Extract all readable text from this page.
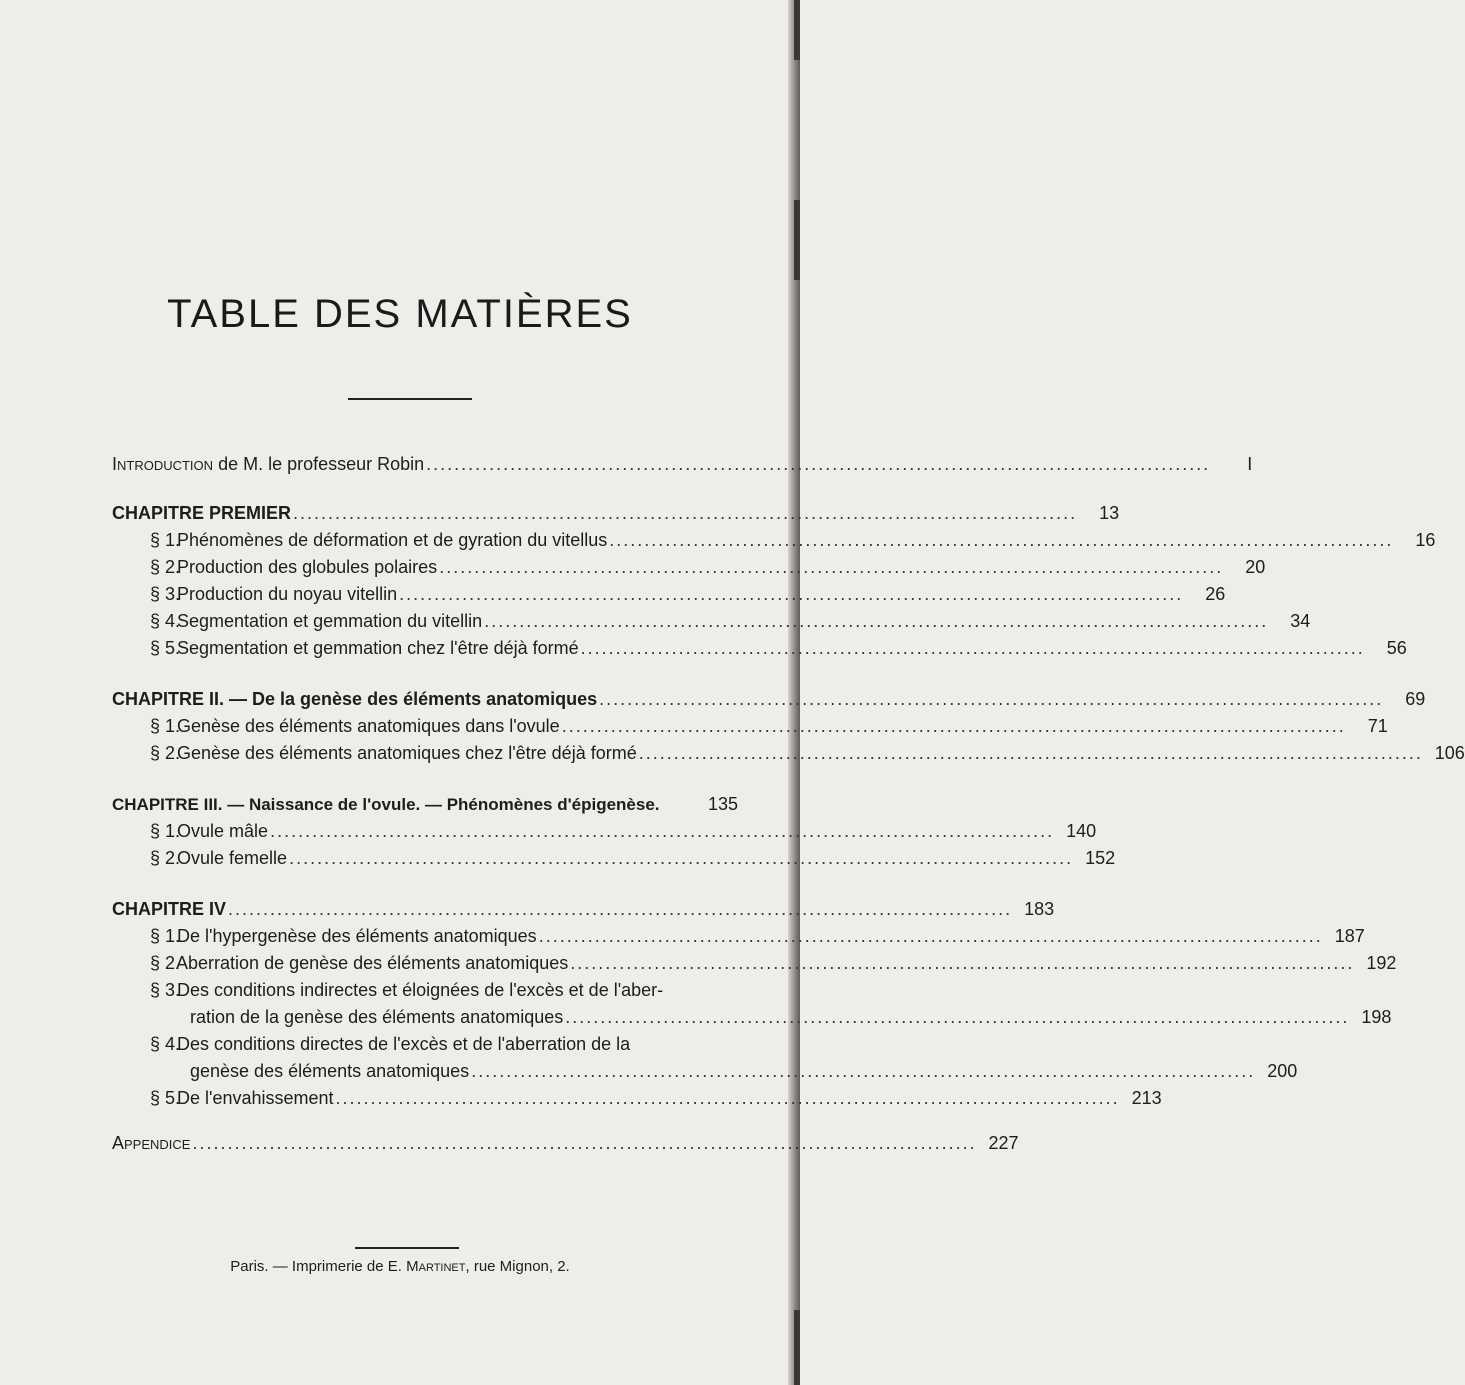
TABLE DES MATIÈRES
Introduction de M. le professeur Robin ................................................................................................................	I
CHAPITRE PREMIER ................................................................................................................	13
§ 1. Phénomènes de déformation et de gyration du vitellus ................................................................................................................	16
§ 2. Production des globules polaires ................................................................................................................	20
§ 3. Production du noyau vitellin ................................................................................................................	26
§ 4. Segmentation et gemmation du vitellin ................................................................................................................	34
§ 5. Segmentation et gemmation chez l'être déjà formé ................................................................................................................	56
CHAPITRE II. — De la genèse des éléments anatomiques ................................................................................................................	69
§ 1. Genèse des éléments anatomiques dans l'ovule ................................................................................................................	71
§ 2. Genèse des éléments anatomiques chez l'être déjà formé ................................................................................................................ 106
CHAPITRE III. — Naissance de l'ovule. — Phénomènes d'épigenèse.	135
§ 1. Ovule mâle ................................................................................................................ 140
§ 2. Ovule femelle ................................................................................................................ 152
CHAPITRE IV ................................................................................................................ 183
§ 1. De l'hypergenèse des éléments anatomiques ................................................................................................................ 187
§ 2. Aberration de genèse des éléments anatomiques ................................................................................................................ 192
§ 3. Des conditions indirectes et éloignées de l'excès et de l'aber-
ration de la genèse des éléments anatomiques ................................................................................................................ 198
§ 4. Des conditions directes de l'excès et de l'aberration de la
genèse des éléments anatomiques ................................................................................................................ 200
§ 5. De l'envahissement ................................................................................................................ 213
Appendice ................................................................................................................ 227
Paris. — Imprimerie de E. Martinet, rue Mignon, 2.
